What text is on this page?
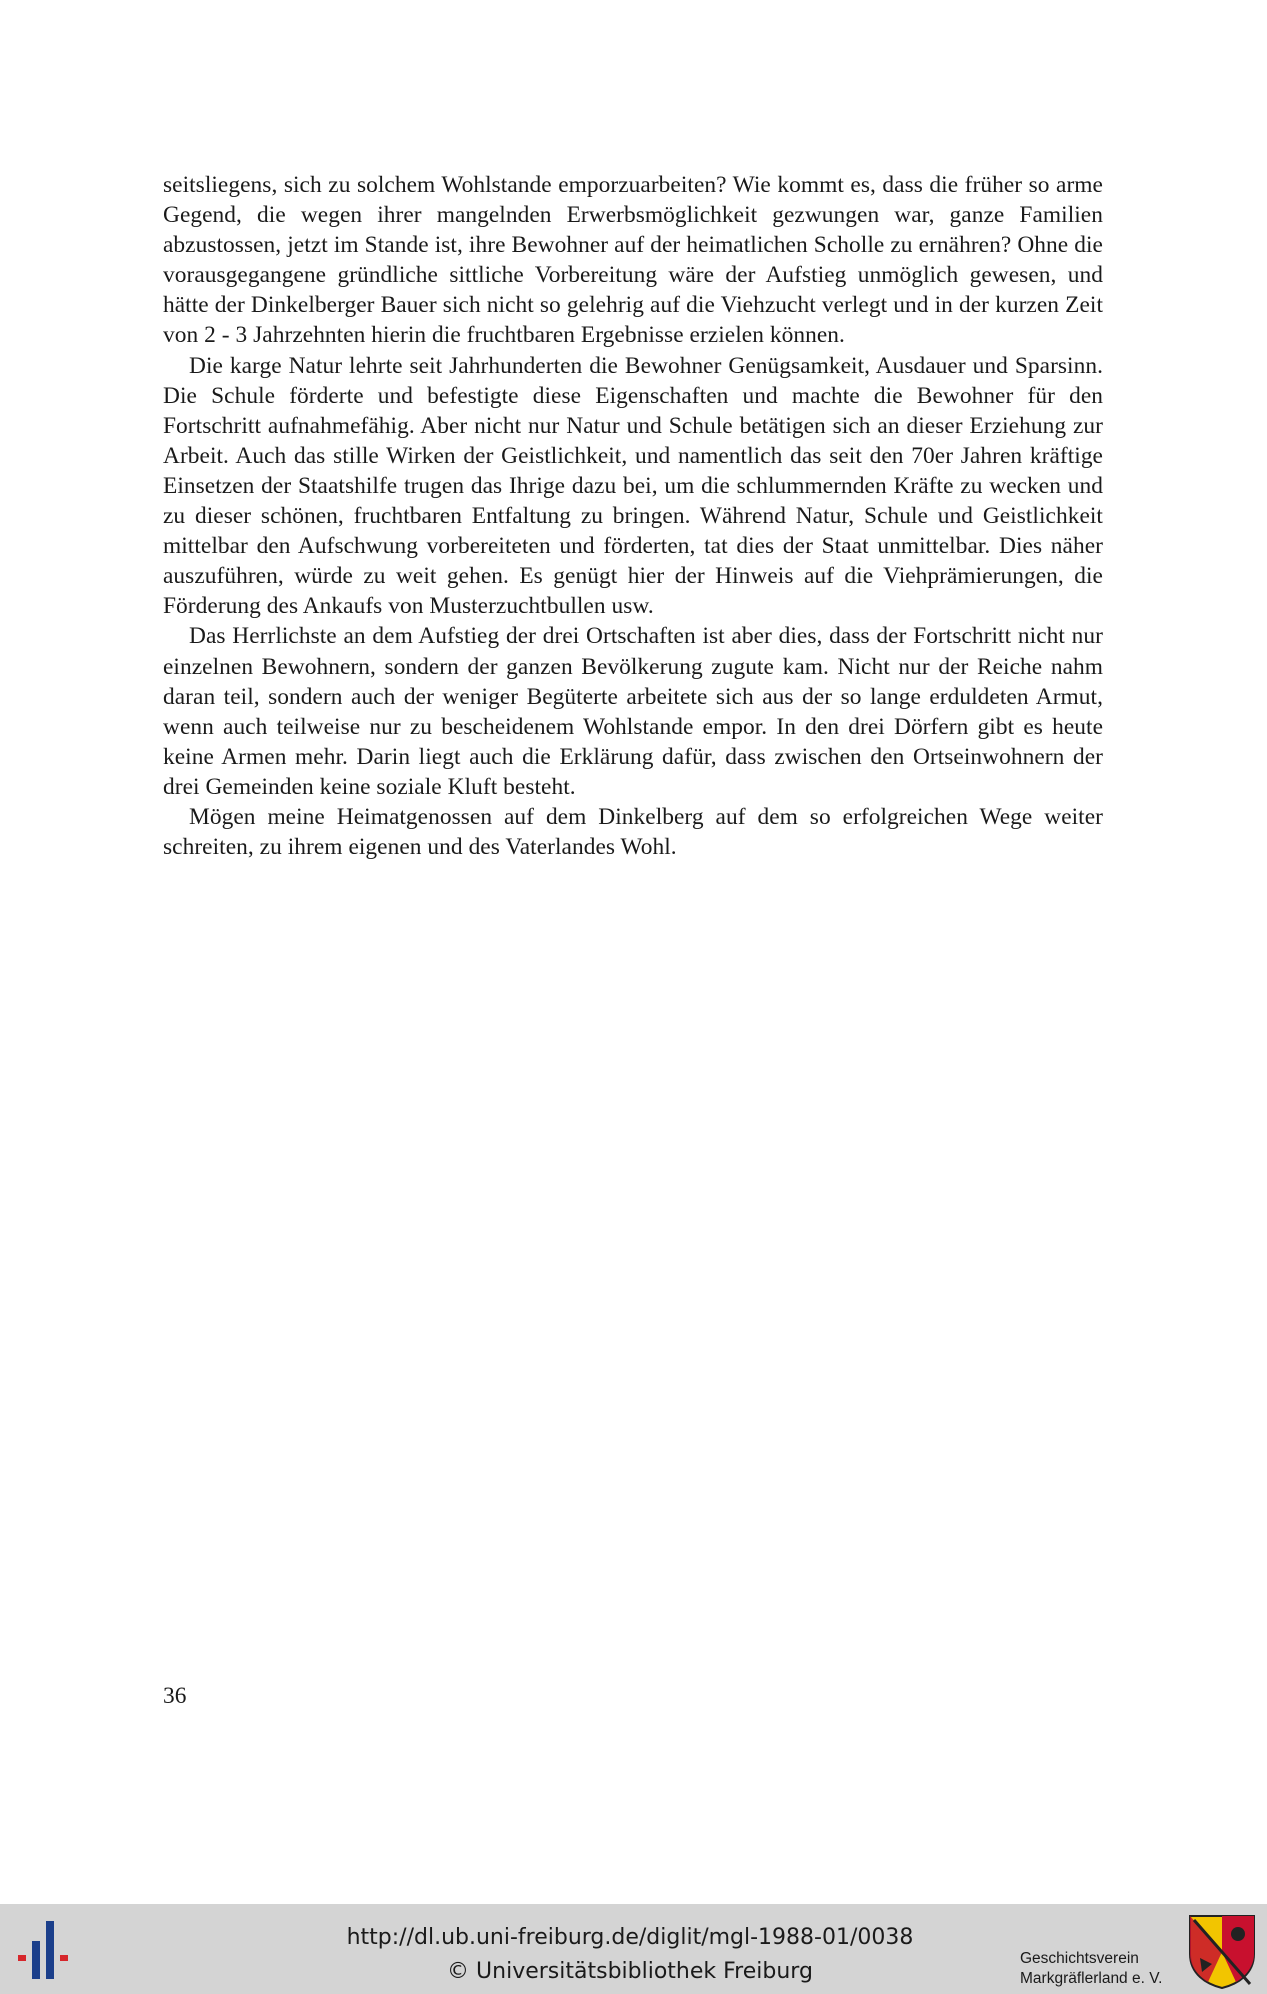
seitsliegens, sich zu solchem Wohlstande emporzuarbeiten? Wie kommt es, dass die früher so arme Gegend, die wegen ihrer mangelnden Erwerbsmöglichkeit gezwungen war, ganze Familien abzustossen, jetzt im Stande ist, ihre Bewohner auf der heimatlichen Scholle zu ernähren? Ohne die vorausgegangene gründliche sittliche Vorbereitung wäre der Aufstieg unmöglich gewesen, und hätte der Dinkelberger Bauer sich nicht so gelehrig auf die Viehzucht verlegt und in der kurzen Zeit von 2 - 3 Jahrzehnten hierin die fruchtbaren Ergebnisse erzielen können.

Die karge Natur lehrte seit Jahrhunderten die Bewohner Genügsamkeit, Ausdauer und Sparsinn. Die Schule förderte und befestigte diese Eigenschaften und machte die Bewohner für den Fortschritt aufnahmefähig. Aber nicht nur Natur und Schule betätigen sich an dieser Erziehung zur Arbeit. Auch das stille Wirken der Geistlichkeit, und namentlich das seit den 70er Jahren kräftige Einsetzen der Staatshilfe trugen das Ihrige dazu bei, um die schlummernden Kräfte zu wecken und zu dieser schönen, fruchtbaren Entfaltung zu bringen. Während Natur, Schule und Geistlichkeit mittelbar den Aufschwung vorbereiteten und förderten, tat dies der Staat unmittelbar. Dies näher auszuführen, würde zu weit gehen. Es genügt hier der Hinweis auf die Viehprämierungen, die Förderung des Ankaufs von Musterzuchtbullen usw.

Das Herrlichste an dem Aufstieg der drei Ortschaften ist aber dies, dass der Fortschritt nicht nur einzelnen Bewohnern, sondern der ganzen Bevölkerung zugute kam. Nicht nur der Reiche nahm daran teil, sondern auch der weniger Begüterte arbeitete sich aus der so lange erduldeten Armut, wenn auch teilweise nur zu bescheidenem Wohlstande empor. In den drei Dörfern gibt es heute keine Armen mehr. Darin liegt auch die Erklärung dafür, dass zwischen den Ortseinwohnern der drei Gemeinden keine soziale Kluft besteht.

Mögen meine Heimatgenossen auf dem Dinkelberg auf dem so erfolgreichen Wege weiter schreiten, zu ihrem eigenen und des Vaterlandes Wohl.

36
http://dl.ub.uni-freiburg.de/diglit/mgl-1988-01/0038
© Universitätsbibliothek Freiburg
Geschichtsverein
Markgräflerland e. V.
